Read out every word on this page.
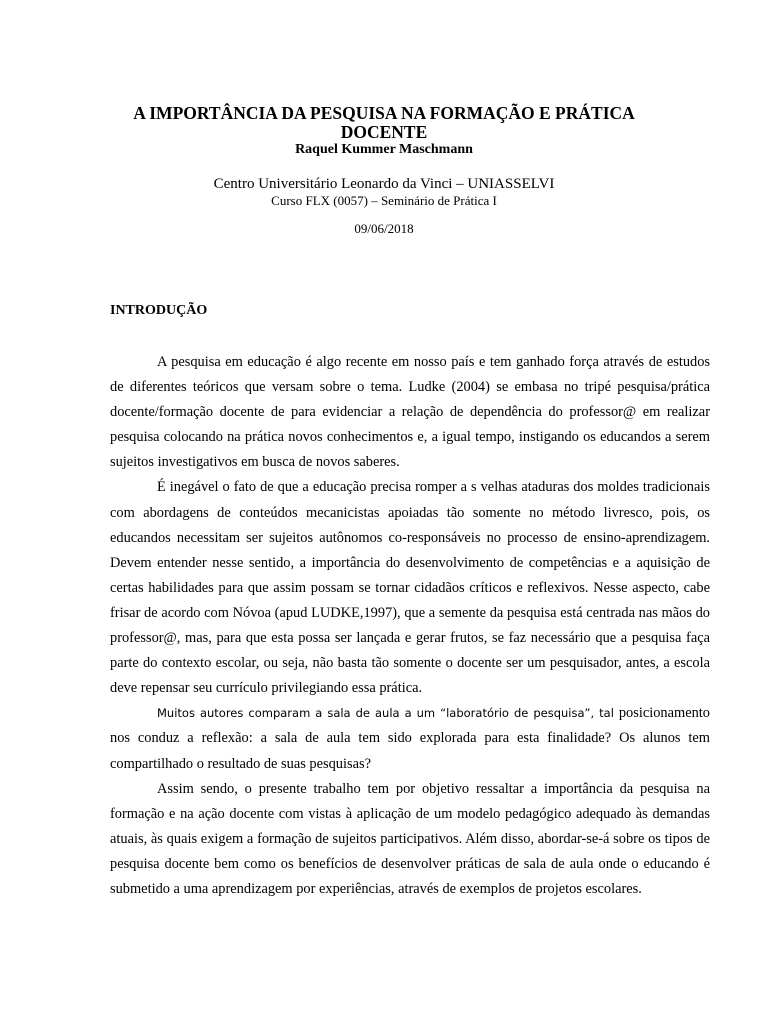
A IMPORTÂNCIA DA PESQUISA NA FORMAÇÃO E PRÁTICA DOCENTE
Raquel Kummer Maschmann
Centro Universitário Leonardo da Vinci – UNIASSELVI
Curso FLX (0057) – Seminário de Prática I
09/06/2018
INTRODUÇÃO

A pesquisa em educação é algo recente em nosso país e tem ganhado força através de estudos de diferentes teóricos que versam sobre o tema. Ludke (2004) se embasa no tripé pesquisa/prática docente/formação docente de para evidenciar a relação de dependência do professor@ em realizar pesquisa colocando na prática novos conhecimentos e, a igual tempo, instigando os educandos a serem sujeitos investigativos em busca de novos saberes.

É inegável o fato de que a educação precisa romper a s velhas ataduras dos moldes tradicionais com abordagens de conteúdos mecanicistas apoiadas tão somente no método livresco, pois, os educandos necessitam ser sujeitos autônomos co-responsáveis no processo de ensino-aprendizagem. Devem entender nesse sentido, a importância do desenvolvimento de competências e a aquisição de certas habilidades para que assim possam se tornar cidadãos críticos e reflexivos. Nesse aspecto, cabe frisar de acordo com Nóvoa (apud LUDKE,1997), que a semente da pesquisa está centrada nas mãos do professor@, mas, para que esta possa ser lançada e gerar frutos, se faz necessário que a pesquisa faça parte do contexto escolar, ou seja, não basta tão somente o docente ser um pesquisador, antes, a escola deve repensar seu currículo privilegiando essa prática.

Muitos autores comparam a sala de aula a um “laboratório de pesquisa”, tal posicionamento nos conduz a reflexão: a sala de aula tem sido explorada para esta finalidade? Os alunos tem compartilhado o resultado de suas pesquisas?

Assim sendo, o presente trabalho tem por objetivo ressaltar a importância da pesquisa na formação e na ação docente com vistas à aplicação de um modelo pedagógico adequado às demandas atuais, às quais exigem a formação de sujeitos participativos. Além disso, abordar-se-á sobre os tipos de pesquisa docente bem como os benefícios de desenvolver práticas de sala de aula onde o educando é submetido a uma aprendizagem por experiências, através de exemplos de projetos escolares.
